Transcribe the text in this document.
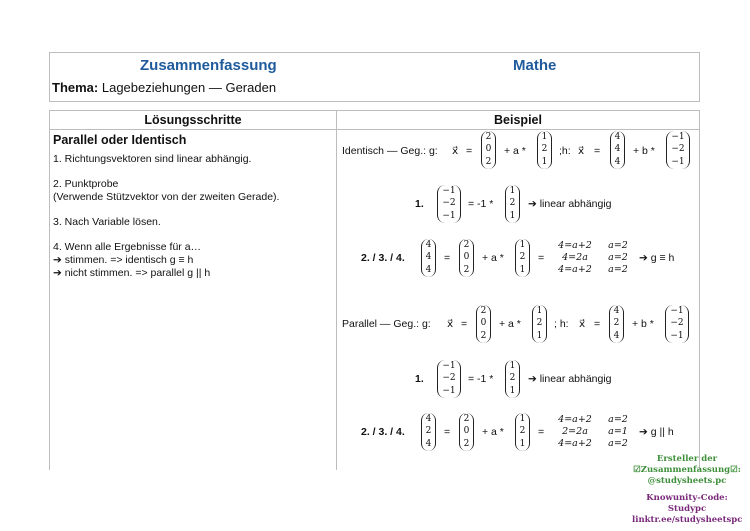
Zusammenfassung	Mathe
Thema: Lagebeziehungen — Geraden
Lösungsschritte	Beispiel
Parallel oder Identisch
1. Richtungsvektoren sind linear abhängig.
2. Punktprobe
(Verwende Stützvektor von der zweiten Gerade).
3. Nach Variable lösen.
4. Wenn alle Ergebnisse für a…
➔ stimmen. => identisch g ≡ h
➔ nicht stimmen. => parallel g || h
Identisch — Geg.: g: x⃗ =
2
0
2
+ a *
1
2
1
;h: x⃗ =
4
4
4
+ b *
−1
−2
−1
1.
−1
−2
−1
= -1 *
1
2
1
➔ linear abhängig
2. / 3. / 4.
4
4
4
=
2
0
2
+ a *
1
2
1
=
4=a+2
4=2a
4=a+2
a=2
a=2
a=2
➔ g ≡ h
Parallel — Geg.: g: x⃗ =
2
0
2
+ a *
1
2
1
; h: x⃗ =
4
2
4
+ b *
−1
−2
−1
1.
−1
−2
−1
= -1 *
1
2
1
➔ linear abhängig
2. / 3. / 4.
4
2
4
=
2
0
2
+ a *
1
2
1
=
4=a+2
2=2a
4=a+2
a=2
a=1
a=2
➔ g || h
Ersteller der
☑Zusammenfassung☑:
@studysheets.pc
Knowunity-Code:
Studypc
linktr.ee/studysheetspc
